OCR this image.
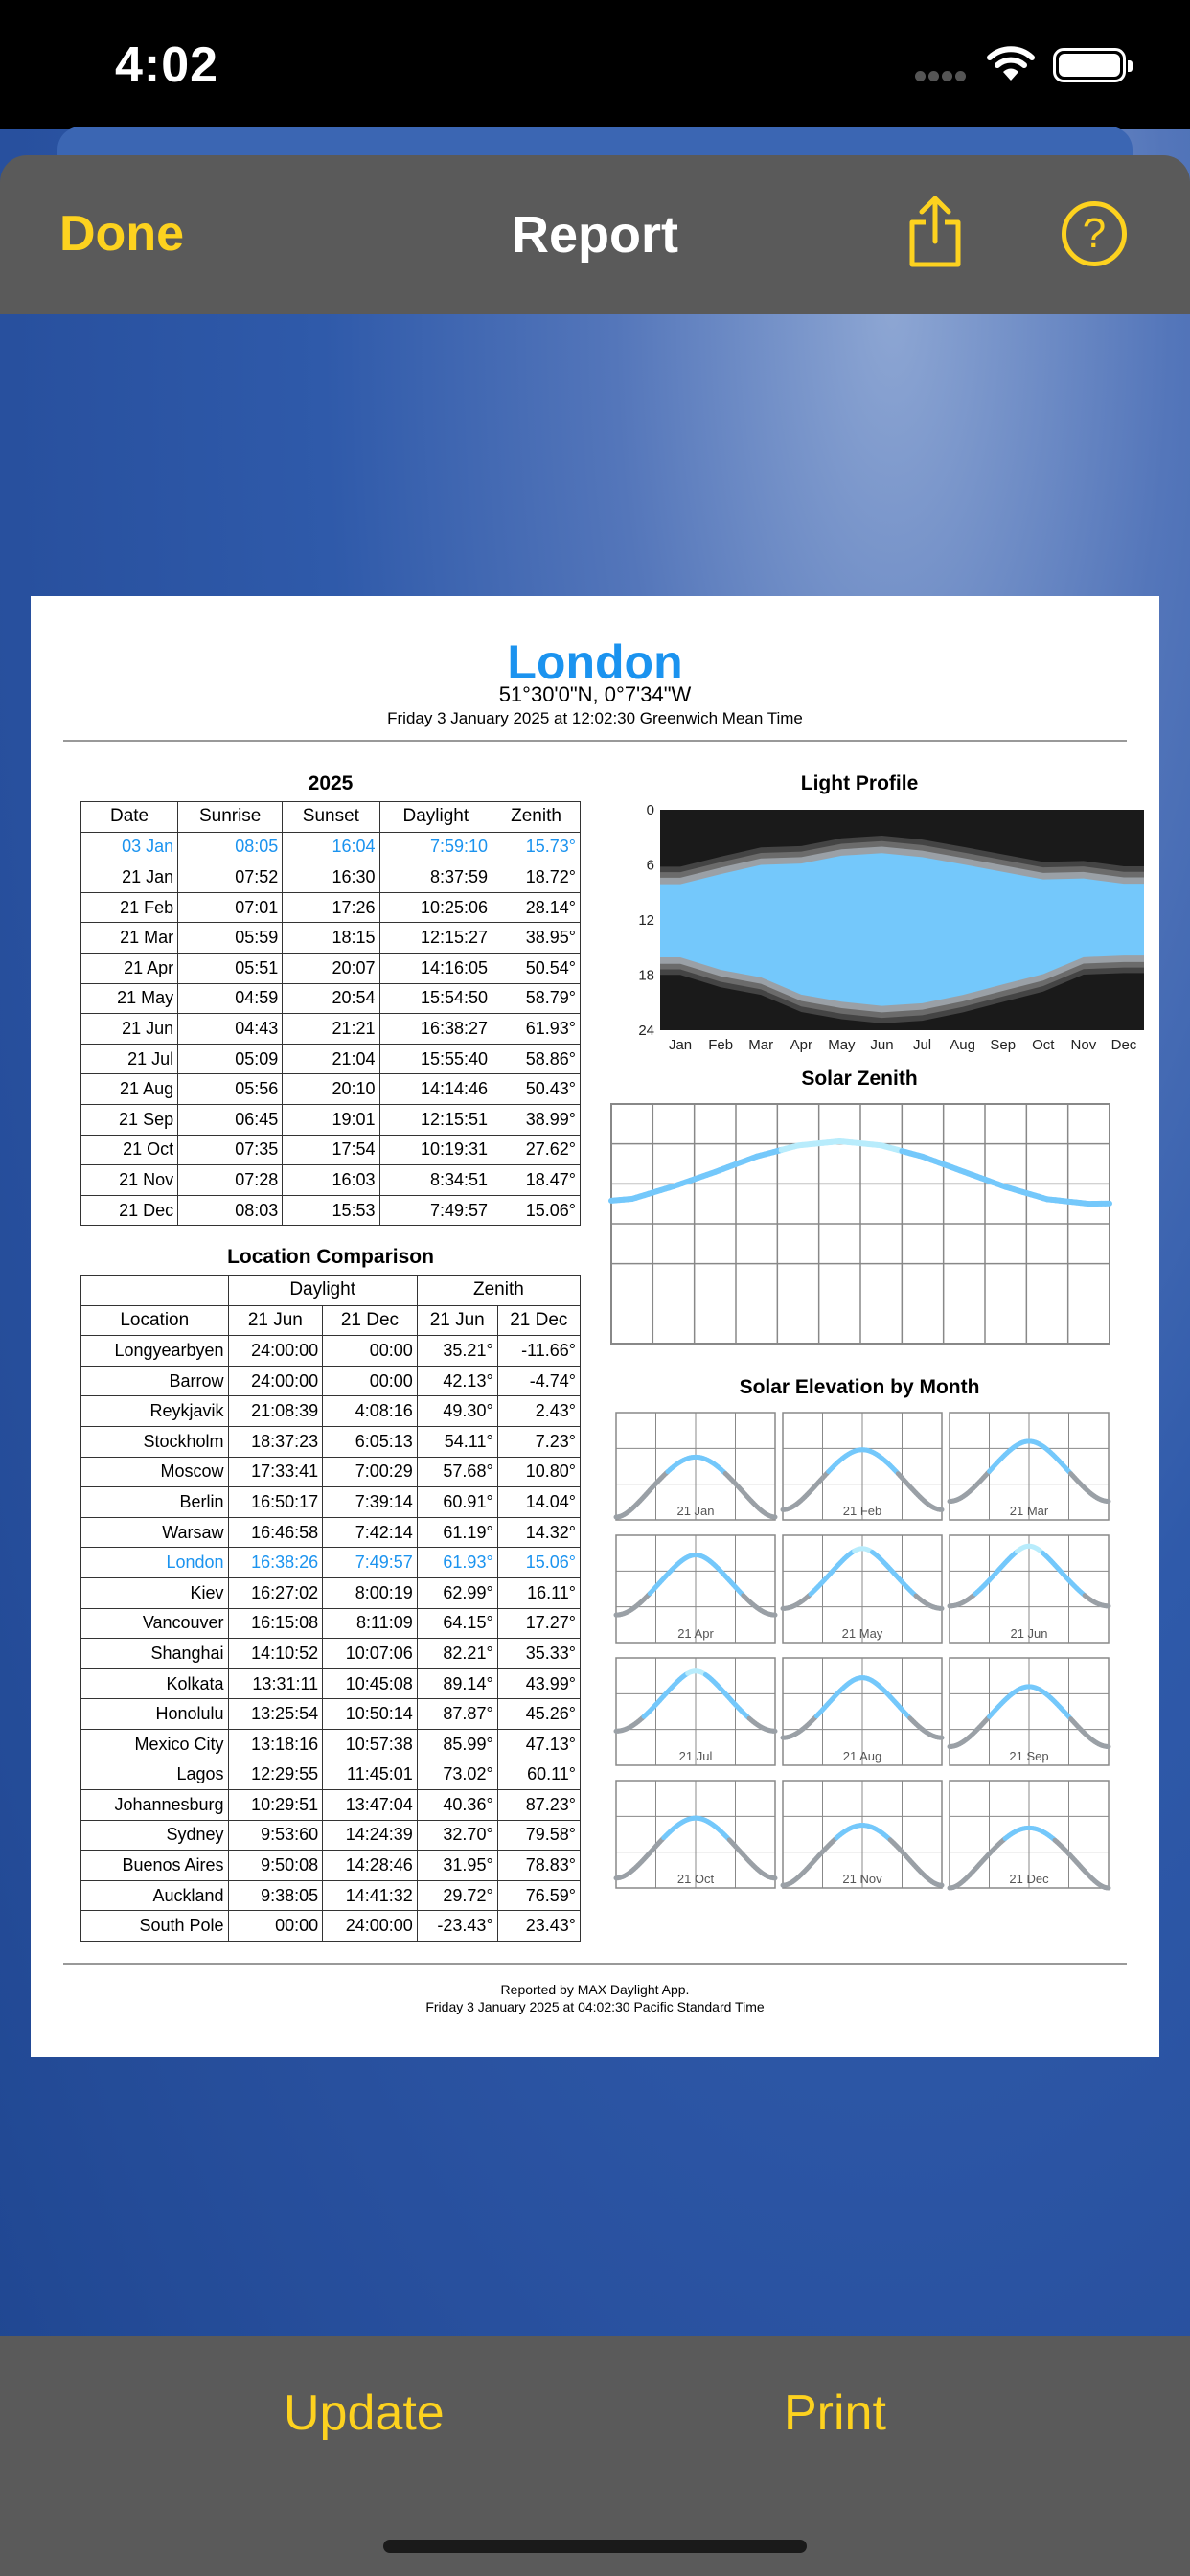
4:02
Done	Report	?
London
51°30'0"N, 0°7'34"W
Friday 3 January 2025 at 12:02:30 Greenwich Mean Time
2025
Date	Sunrise	Sunset	Daylight	Zenith
03 Jan	08:05	16:04	7:59:10	15.73°
21 Jan	07:52	16:30	8:37:59	18.72°
21 Feb	07:01	17:26	10:25:06	28.14°
21 Mar	05:59	18:15	12:15:27	38.95°
21 Apr	05:51	20:07	14:16:05	50.54°
21 May	04:59	20:54	15:54:50	58.79°
21 Jun	04:43	21:21	16:38:27	61.93°
21 Jul	05:09	21:04	15:55:40	58.86°
21 Aug	05:56	20:10	14:14:46	50.43°
21 Sep	06:45	19:01	12:15:51	38.99°
21 Oct	07:35	17:54	10:19:31	27.62°
21 Nov	07:28	16:03	8:34:51	18.47°
21 Dec	08:03	15:53	7:49:57	15.06°
Location Comparison
	Daylight		Zenith	
Location	21 Jun	21 Dec	21 Jun	21 Dec
Longyearbyen	24:00:00	00:00	35.21°	-11.66°
Barrow	24:00:00	00:00	42.13°	-4.74°
Reykjavik	21:08:39	4:08:16	49.30°	2.43°
Stockholm	18:37:23	6:05:13	54.11°	7.23°
Moscow	17:33:41	7:00:29	57.68°	10.80°
Berlin	16:50:17	7:39:14	60.91°	14.04°
Warsaw	16:46:58	7:42:14	61.19°	14.32°
London	16:38:26	7:49:57	61.93°	15.06°
Kiev	16:27:02	8:00:19	62.99°	16.11°
Vancouver	16:15:08	8:11:09	64.15°	17.27°
Shanghai	14:10:52	10:07:06	82.21°	35.33°
Kolkata	13:31:11	10:45:08	89.14°	43.99°
Honolulu	13:25:54	10:50:14	87.87°	45.26°
Mexico City	13:18:16	10:57:38	85.99°	47.13°
Lagos	12:29:55	11:45:01	73.02°	60.11°
Johannesburg	10:29:51	13:47:04	40.36°	87.23°
Sydney	9:53:60	14:24:39	32.70°	79.58°
Buenos Aires	9:50:08	14:28:46	31.95°	78.83°
Auckland	9:38:05	14:41:32	29.72°	76.59°
South Pole	00:00	24:00:00	-23.43°	23.43°
Light Profile
0
6
12
18
24
Jan Feb Mar Apr May Jun Jul Aug Sep Oct Nov Dec
Solar Zenith
Solar Elevation by Month
21 Jan	21 Feb	21 Mar
21 Apr	21 May	21 Jun
21 Jul	21 Aug	21 Sep
21 Oct	21 Nov	21 Dec
Reported by MAX Daylight App.
Friday 3 January 2025 at 04:02:30 Pacific Standard Time
Update	Print
